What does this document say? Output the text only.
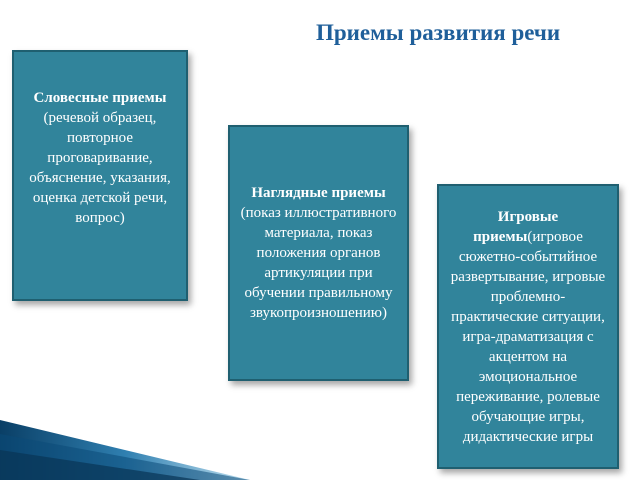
Приемы развития речи
Словесные приемы
(речевой образец, повторное проговаривание, объяснение, указания, оценка детской речи, вопрос)
Наглядные приемы
(показ иллюстративного материала, показ положения органов артикуляции при обучении правильному звукопроизношению)
Игровые приемы(игровое сюжетно-событийное развертывание, игровые проблемно-практические ситуации, игра-драматизация с акцентом на эмоциональное переживание, ролевые обучающие игры, дидактические игры
